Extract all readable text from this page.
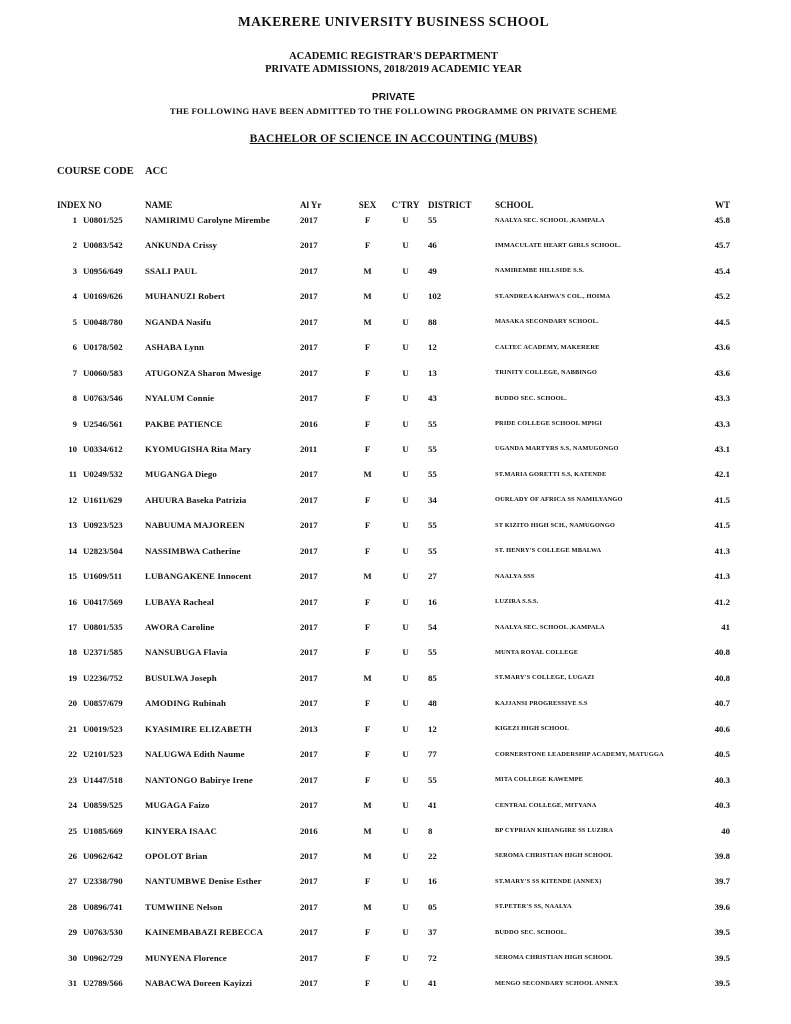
MAKERERE UNIVERSITY BUSINESS SCHOOL
ACADEMIC REGISTRAR'S DEPARTMENT
PRIVATE ADMISSIONS, 2018/2019 ACADEMIC YEAR
PRIVATE
THE FOLLOWING HAVE BEEN ADMITTED TO THE FOLLOWING PROGRAMME ON PRIVATE SCHEME
BACHELOR OF SCIENCE IN ACCOUNTING (MUBS)
COURSE CODE	ACC
INDEX NO	NAME	Al Yr	SEX	C'TRY DISTRICT	SCHOOL	WT
1 U0801/525	NAMIRIMU Carolyne Mirembe	2017	F	U	55	NAALYA SEC. SCHOOL ,KAMPALA	45.8
2 U0083/542	ANKUNDA Crissy	2017	F	U	46	IMMACULATE HEART GIRLS SCHOOL.	45.7
3 U0956/649	SSALI PAUL	2017	M	U	49	NAMIREMBE HILLSIDE S.S.	45.4
4 U0169/626	MUHANUZI Robert	2017	M	U	102	ST.ANDREA KAHWA'S COL., HOIMA	45.2
5 U0048/780	NGANDA Nasifu	2017	M	U	88	MASAKA SECONDARY SCHOOL.	44.5
6 U0178/502	ASHABA Lynn	2017	F	U	12	CALTEC ACADEMY, MAKERERE	43.6
7 U0060/583	ATUGONZA Sharon Mwesige	2017	F	U	13	TRINITY COLLEGE, NABBINGO	43.6
8 U0763/546	NYALUM Connie	2017	F	U	43	BUDDO SEC. SCHOOL.	43.3
9 U2546/561	PAKBE PATIENCE	2016	F	U	55	PRIDE COLLEGE SCHOOL MPIGI	43.3
10 U0334/612	KYOMUGISHA Rita Mary	2011	F	U	55	UGANDA MARTYRS S.S, NAMUGONGO	43.1
11 U0249/532	MUGANGA Diego	2017	M	U	55	ST.MARIA GORETTI S.S, KATENDE	42.1
12 U1611/629	AHUURA Baseka Patrizia	2017	F	U	34	OURLADY OF AFRICA SS NAMILYANGO	41.5
13 U0923/523	NABUUMA MAJOREEN	2017	F	U	55	ST KIZITO HIGH SCH., NAMUGONGO	41.5
14 U2823/504	NASSIMBWA Catherine	2017	F	U	55	ST. HENRY'S COLLEGE MBALWA	41.3
15 U1609/511	LUBANGAKENE Innocent	2017	M	U	27	NAALYA SSS	41.3
16 U0417/569	LUBAYA Racheal	2017	F	U	16	LUZIRA S.S.S.	41.2
17 U0801/535	AWORA Caroline	2017	F	U	54	NAALYA SEC. SCHOOL ,KAMPALA	41
18 U2371/585	NANSUBUGA Flavia	2017	F	U	55	MUNTA ROYAL COLLEGE	40.8
19 U2236/752	BUSULWA Joseph	2017	M	U	85	ST.MARY'S COLLEGE, LUGAZI	40.8
20 U0857/679	AMODING Rubinah	2017	F	U	48	KAJJANSI PROGRESSIVE S.S	40.7
21 U0019/523	KYASIMIRE ELIZABETH	2013	F	U	12	KIGEZI HIGH SCHOOL	40.6
22 U2101/523	NALUGWA Edith Naume	2017	F	U	77	CORNERSTONE LEADERSHIP ACADEMY, MATUGGA	40.5
23 U1447/518	NANTONGO Babirye Irene	2017	F	U	55	MITA COLLEGE KAWEMPE	40.3
24 U0859/525	MUGAGA Faizo	2017	M	U	41	CENTRAL COLLEGE, MITYANA	40.3
25 U1085/669	KINYERA ISAAC	2016	M	U	8	BP CYPRIAN KIHANGIRE SS LUZIRA	40
26 U0962/642	OPOLOT Brian	2017	M	U	22	SEROMA CHRISTIAN HIGH SCHOOL	39.8
27 U2338/790	NANTUMBWE Denise Esther	2017	F	U	16	ST.MARY'S SS KITENDE (ANNEX)	39.7
28 U0896/741	TUMWIINE Nelson	2017	M	U	05	ST.PETER'S SS, NAALYA	39.6
29 U0763/530	KAINEMBABAZI REBECCA	2017	F	U	37	BUDDO SEC. SCHOOL.	39.5
30 U0962/729	MUNYENA Florence	2017	F	U	72	SEROMA CHRISTIAN HIGH SCHOOL	39.5
31 U2789/566	NABACWA Doreen Kayizzi	2017	F	U	41	MENGO SECONDARY SCHOOL ANNEX	39.5
